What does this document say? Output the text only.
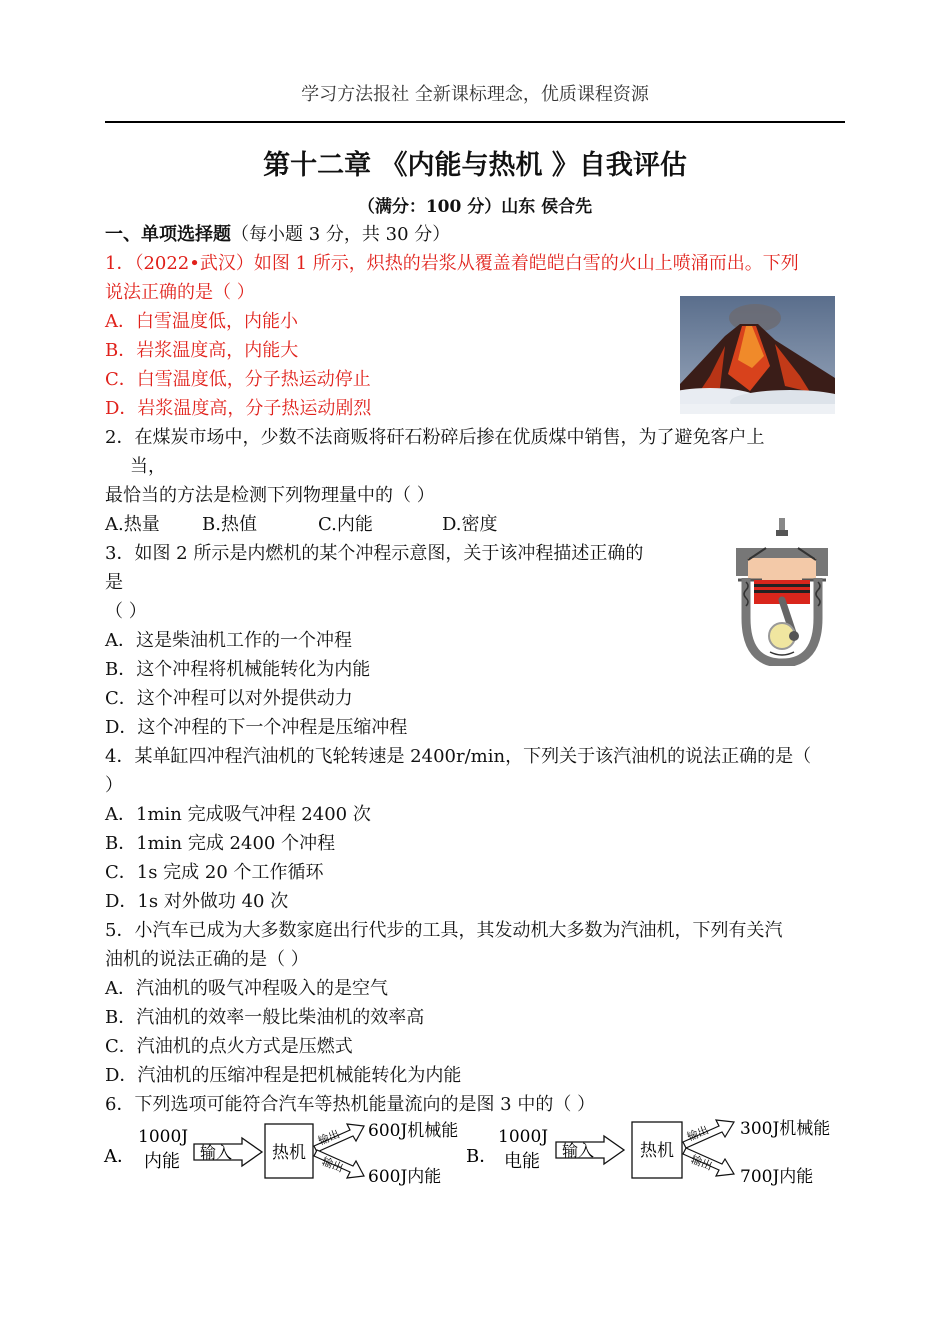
学习方法报社 全新课标理念，优质课程资源
第十二章 《内能与热机 》自我评估
（满分：100 分）山东 侯合先
一、单项选择题（每小题 3 分，共 30 分）
1．（2022•武汉）如图 1 所示，炽热的岩浆从覆盖着皑皑白雪的火山上喷涌而出。下列
说法正确的是（ ）
A．白雪温度低，内能小
B．岩浆温度高，内能大
C．白雪温度低，分子热运动停止
D．岩浆温度高，分子热运动剧烈
2．在煤炭市场中，少数不法商贩将矸石粉碎后掺在优质煤中销售，为了避免客户上
当，
最恰当的方法是检测下列物理量中的（ ）
A.热量 B.热值	C.内能	D.密度
3．如图 2 所示是内燃机的某个冲程示意图，关于该冲程描述正确的
是
（ ）
A．这是柴油机工作的一个冲程
B．这个冲程将机械能转化为内能
C．这个冲程可以对外提供动力
D．这个冲程的下一个冲程是压缩冲程
4．某单缸四冲程汽油机的飞轮转速是 2400r/min，下列关于该汽油机的说法正确的是（
）
A．1min 完成吸气冲程 2400 次
B．1min 完成 2400 个冲程
C．1s 完成 20 个工作循环
D．1s 对外做功 40 次
5．小汽车已成为大多数家庭出行代步的工具，其发动机大多数为汽油机，下列有关汽
油机的说法正确的是（ ）
A．汽油机的吸气冲程吸入的是空气
B．汽油机的效率一般比柴油机的效率高
C．汽油机的点火方式是压燃式
D．汽油机的压缩冲程是把机械能转化为内能
6．下列选项可能符合汽车等热机能量流向的是图 3 中的（ ）
A．
1000J
内能 输入 热机
输出
输出
600J机械能
600J内能
B．
1000J
电能
输入	热机
输出
输出
300J机械能
700J内能
